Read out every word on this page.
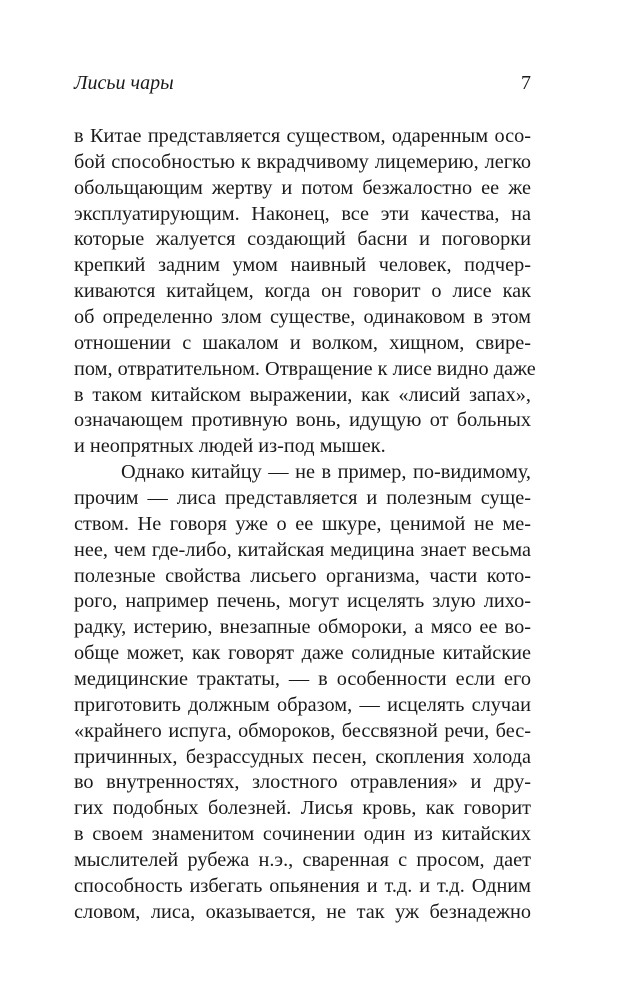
Лисьи чары	7
в Китае представляется существом, одаренным осо-
бой способностью к вкрадчивому лицемерию, легко
обольщающим жертву и потом безжалостно ее же
эксплуатирующим. Наконец, все эти качества, на
которые жалуется создающий басни и поговорки
крепкий задним умом наивный человек, подчер-
киваются китайцем, когда он говорит о лисе как
об определенно злом существе, одинаковом в этом
отношении с шакалом и волком, хищном, свире-
пом, отвратительном. Отвращение к лисе видно даже
в таком китайском выражении, как «лисий запах»,
означающем противную вонь, идущую от больных
и неопрятных людей из-под мышек.
Однако китайцу — не в пример, по-видимому,
прочим — лиса представляется и полезным суще-
ством. Не говоря уже о ее шкуре, ценимой не ме-
нее, чем где-либо, китайская медицина знает весьма
полезные свойства лисьего организма, части кото-
рого, например печень, могут исцелять злую лихо-
радку, истерию, внезапные обмороки, а мясо ее во-
обще может, как говорят даже солидные китайские
медицинские трактаты, — в особенности если его
приготовить должным образом, — исцелять случаи
«крайнего испуга, обмороков, бессвязной речи, бес-
причинных, безрассудных песен, скопления холода
во внутренностях, злостного отравления» и дру-
гих подобных болезней. Лисья кровь, как говорит
в своем знаменитом сочинении один из китайских
мыслителей рубежа н.э., сваренная с просом, дает
способность избегать опьянения и т.д. и т.д. Одним
словом, лиса, оказывается, не так уж безнадежно
